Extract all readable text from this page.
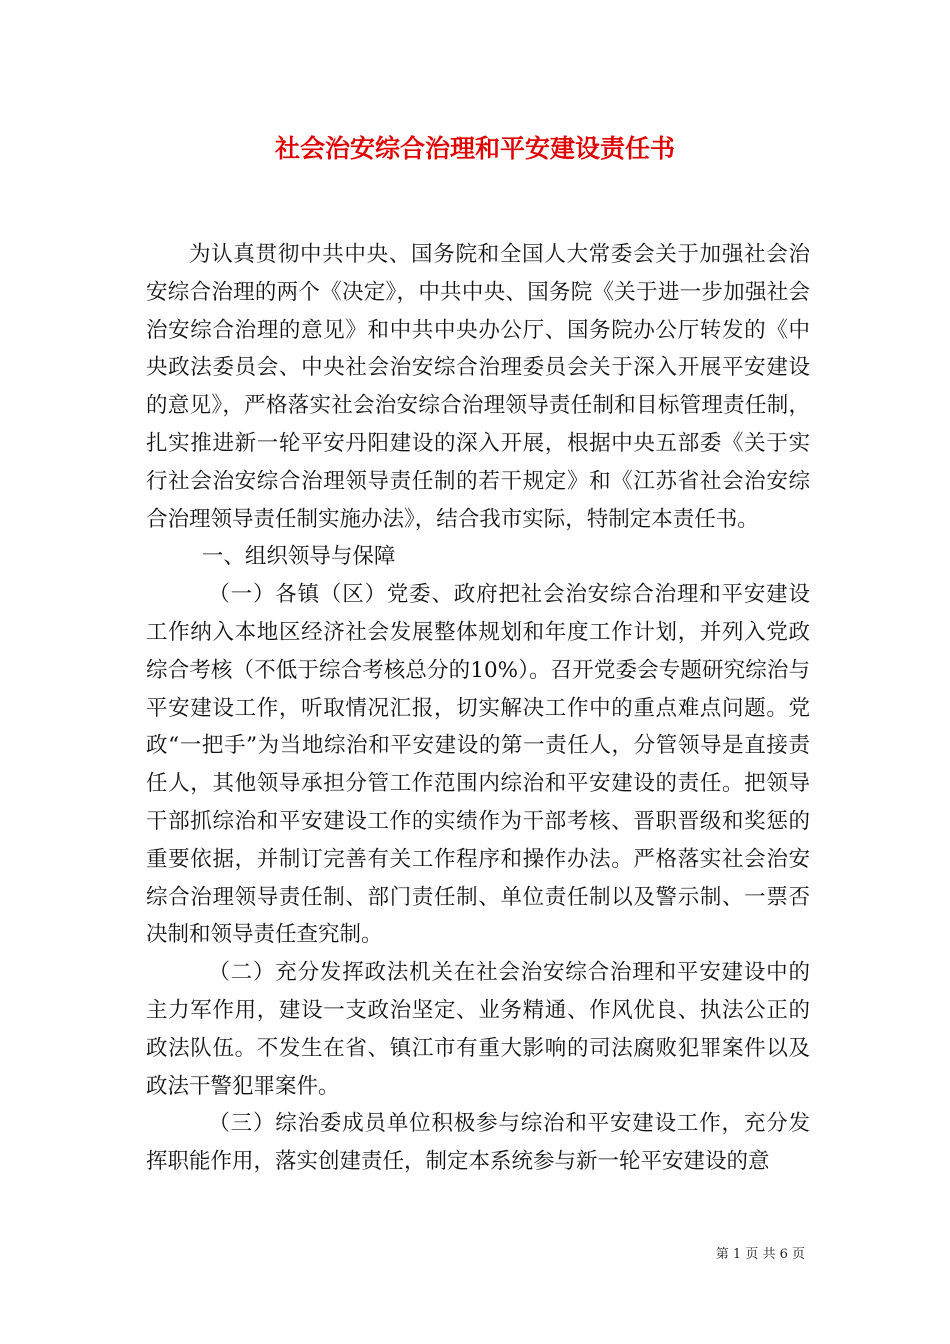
社会治安综合治理和平安建设责任书

为认真贯彻中共中央、国务院和全国人大常委会关于加强社会治安综合治理的两个《决定》，中共中央、国务院《关于进一步加强社会治安综合治理的意见》和中共中央办公厅、国务院办公厅转发的《中央政法委员会、中央社会治安综合治理委员会关于深入开展平安建设的意见》，严格落实社会治安综合治理领导责任制和目标管理责任制，扎实推进新一轮平安丹阳建设的深入开展，根据中央五部委《关于实行社会治安综合治理领导责任制的若干规定》和《江苏省社会治安综合治理领导责任制实施办法》，结合我市实际，特制定本责任书。

一、组织领导与保障

（一）各镇（区）党委、政府把社会治安综合治理和平安建设工作纳入本地区经济社会发展整体规划和年度工作计划，并列入党政综合考核（不低于综合考核总分的10%）。召开党委会专题研究综治与平安建设工作，听取情况汇报，切实解决工作中的重点难点问题。党政“一把手”为当地综治和平安建设的第一责任人，分管领导是直接责任人，其他领导承担分管工作范围内综治和平安建设的责任。把领导干部抓综治和平安建设工作的实绩作为干部考核、晋职晋级和奖惩的重要依据，并制订完善有关工作程序和操作办法。严格落实社会治安综合治理领导责任制、部门责任制、单位责任制以及警示制、一票否决制和领导责任查究制。

（二）充分发挥政法机关在社会治安综合治理和平安建设中的主力军作用，建设一支政治坚定、业务精通、作风优良、执法公正的政法队伍。不发生在省、镇江市有重大影响的司法腐败犯罪案件以及政法干警犯罪案件。

（三）综治委成员单位积极参与综治和平安建设工作，充分发挥职能作用，落实创建责任，制定本系统参与新一轮平安建设的意

第 1 页 共 6 页
